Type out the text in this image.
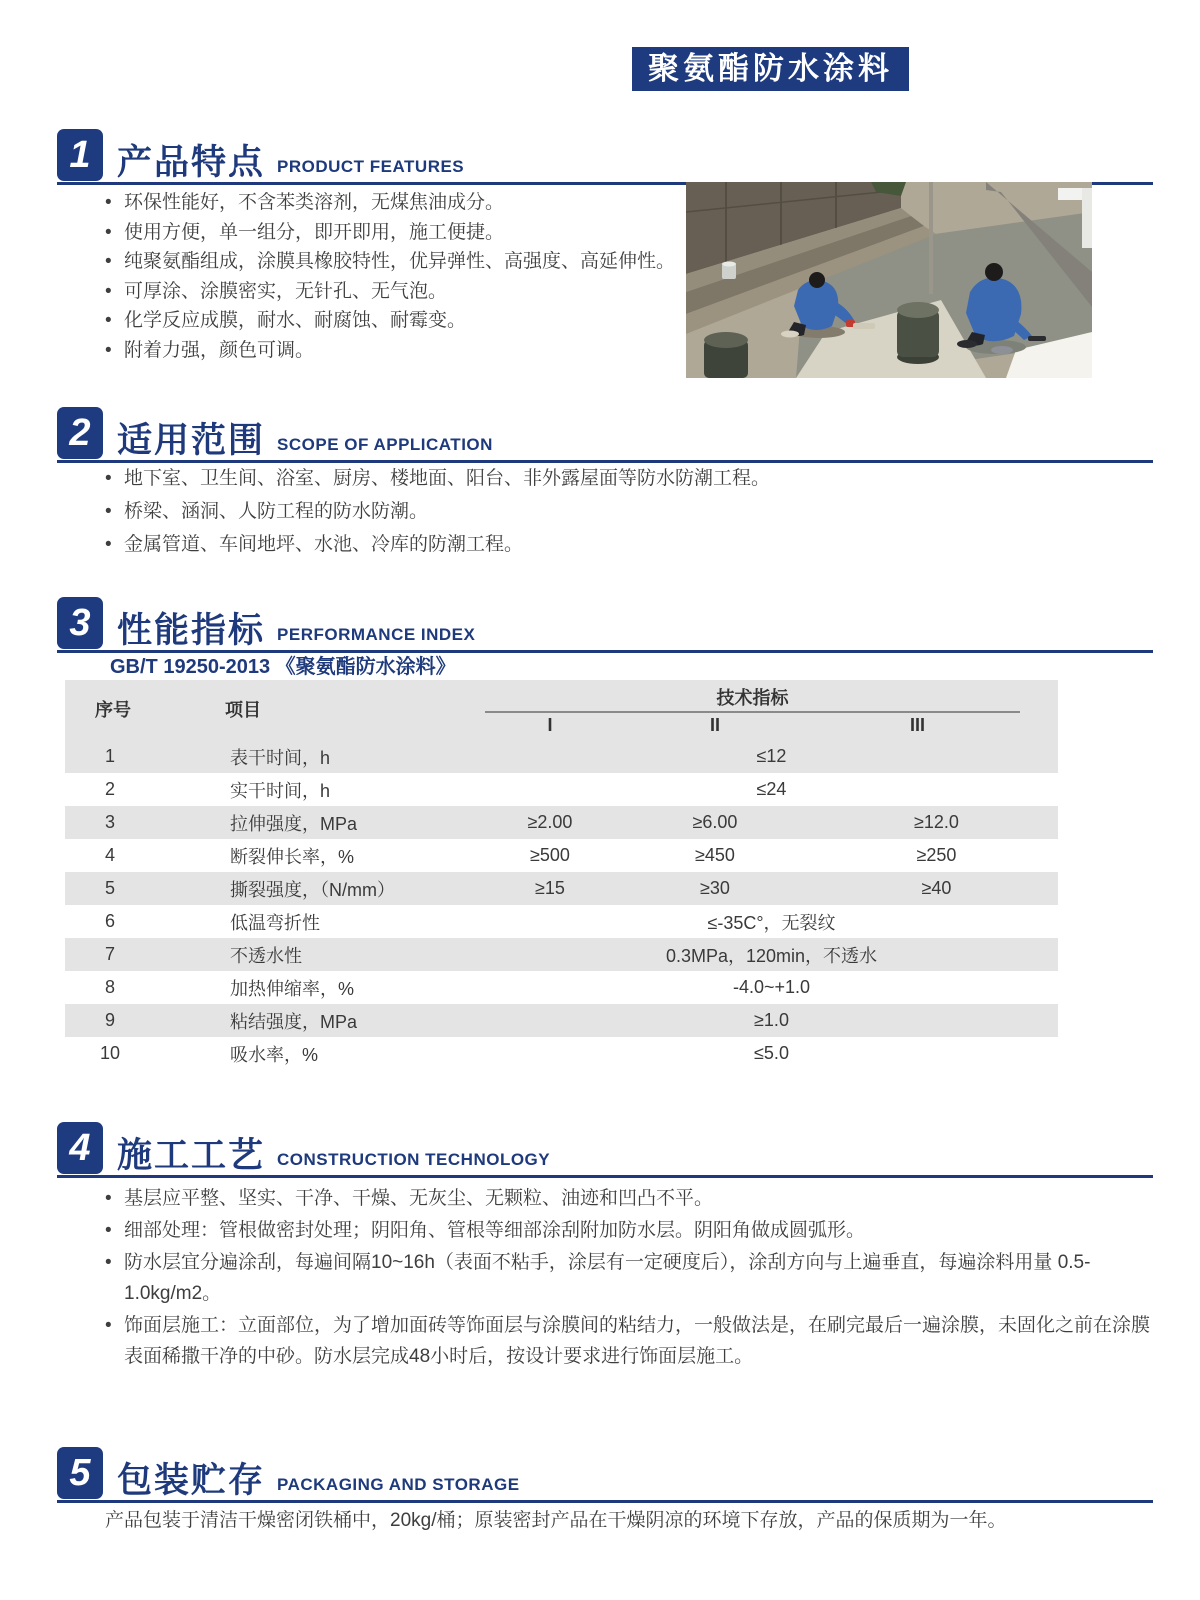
聚氨酯防水涂料
1 产品特点 PRODUCT FEATURES
• 环保性能好，不含苯类溶剂，无煤焦油成分。
• 使用方便，单一组分，即开即用，施工便捷。
• 纯聚氨酯组成，涂膜具橡胶特性，优异弹性、高强度、高延伸性。
• 可厚涂、涂膜密实，无针孔、无气泡。
• 化学反应成膜，耐水、耐腐蚀、耐霉变。
• 附着力强，颜色可调。
2 适用范围 SCOPE OF APPLICATION
• 地下室、卫生间、浴室、厨房、楼地面、阳台、非外露屋面等防水防潮工程。
• 桥梁、涵洞、人防工程的防水防潮。
• 金属管道、车间地坪、水池、冷库的防潮工程。
3 性能指标 PERFORMANCE INDEX
GB/T 19250-2013 《聚氨酯防水涂料》
序号	项目
技术指标
I	II	III
1	表干时间，h	≤12
2	实干时间，h	≤24
3	拉伸强度，MPa	≥2.00	≥6.00	≥12.0
4	断裂伸长率，%	≥500	≥450	≥250
5	撕裂强度，（N/mm）	≥15	≥30	≥40
6	低温弯折性	≤-35C°，无裂纹
7	不透水性	0.3MPa，120min，不透水
8	加热伸缩率，%	-4.0~+1.0
9	粘结强度，MPa	≥1.0
10	吸水率，%	≤5.0
4 施工工艺 CONSTRUCTION TECHNOLOGY
• 基层应平整、坚实、干净、干燥、无灰尘、无颗粒、油迹和凹凸不平。
• 细部处理：管根做密封处理；阴阳角、管根等细部涂刮附加防水层。阴阳角做成圆弧形。
• 防水层宜分遍涂刮，每遍间隔10~16h（表面不粘手，涂层有一定硬度后），涂刮方向与上遍垂直，每遍涂料用量 0.5-1.0kg/m2。
• 饰面层施工：立面部位，为了增加面砖等饰面层与涂膜间的粘结力，一般做法是，在刷完最后一遍涂膜，未固化之前在涂膜表面稀撒干净的中砂。防水层完成48小时后，按设计要求进行饰面层施工。
5 包装贮存 PACKAGING AND STORAGE
产品包装于清洁干燥密闭铁桶中，20kg/桶；原装密封产品在干燥阴凉的环境下存放，产品的保质期为一年。
